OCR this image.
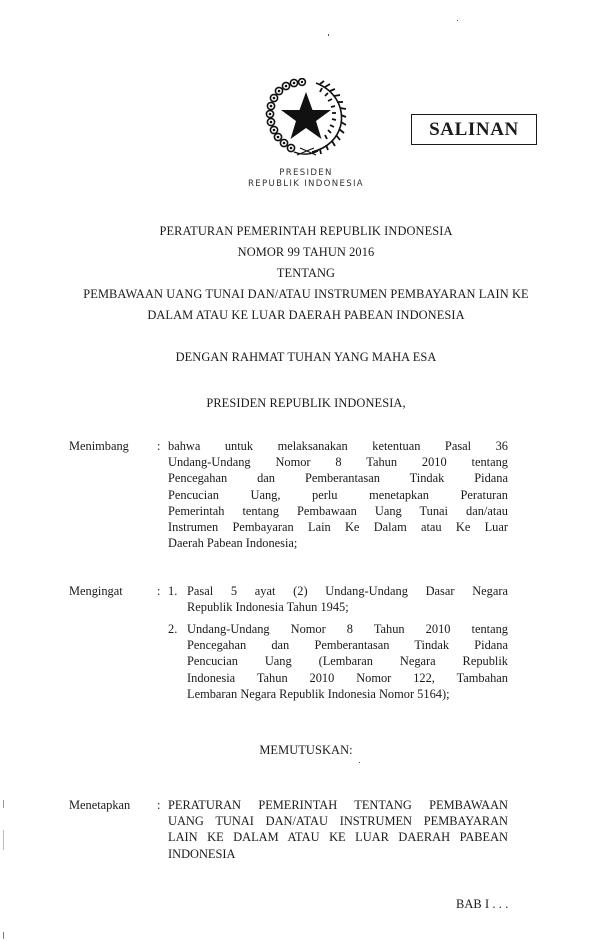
PRESIDEN
REPUBLIK INDONESIA
SALINAN
PERATURAN PEMERINTAH REPUBLIK INDONESIA
NOMOR 99 TAHUN 2016
TENTANG
PEMBAWAAN UANG TUNAI DAN/ATAU INSTRUMEN PEMBAYARAN LAIN KE
DALAM ATAU KE LUAR DAERAH PABEAN INDONESIA
DENGAN RAHMAT TUHAN YANG MAHA ESA
PRESIDEN REPUBLIK INDONESIA,
Menimbang : bahwa untuk melaksanakan ketentuan Pasal 36
Undang-Undang Nomor 8 Tahun 2010 tentang
Pencegahan dan Pemberantasan Tindak Pidana
Pencucian Uang, perlu menetapkan Peraturan
Pemerintah tentang Pembawaan Uang Tunai dan/atau
Instrumen Pembayaran Lain Ke Dalam atau Ke Luar
Daerah Pabean Indonesia;
Mengingat	: 1. Pasal 5 ayat (2) Undang-Undang Dasar Negara
Republik Indonesia Tahun 1945;
2. Undang-Undang Nomor 8 Tahun 2010 tentang
Pencegahan dan Pemberantasan Tindak Pidana
Pencucian Uang (Lembaran Negara Republik
Indonesia Tahun 2010 Nomor 122, Tambahan
Lembaran Negara Republik Indonesia Nomor 5164);
MEMUTUSKAN:
Menetapkan : PERATURAN PEMERINTAH TENTANG PEMBAWAAN
UANG TUNAI DAN/ATAU INSTRUMEN PEMBAYARAN
LAIN KE DALAM ATAU KE LUAR DAERAH PABEAN
INDONESIA
BAB I . . .
